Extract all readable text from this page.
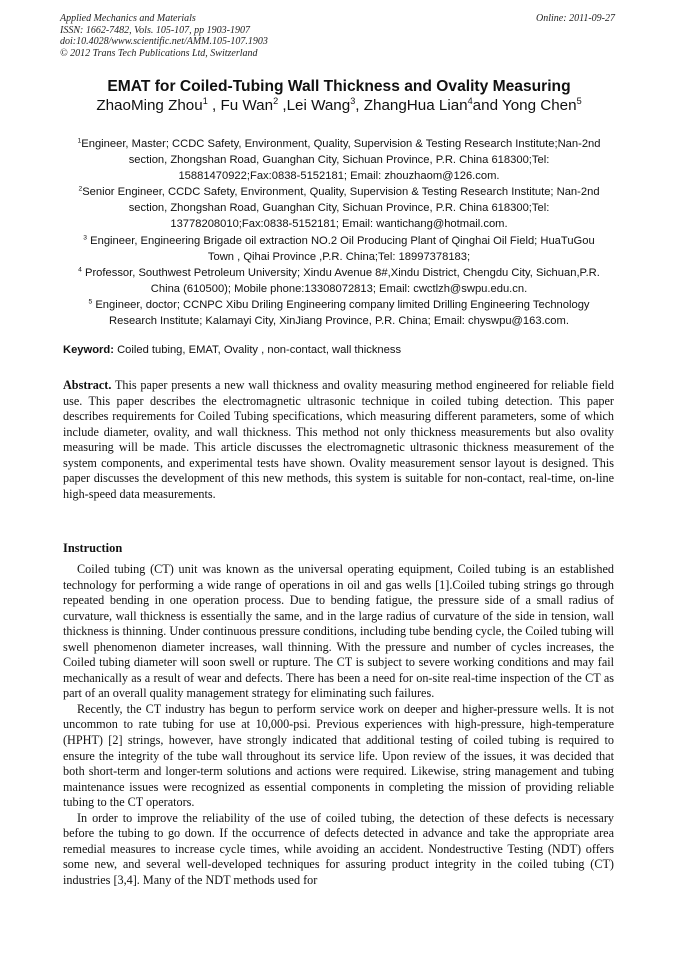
Applied Mechanics and Materials
ISSN: 1662-7482, Vols. 105-107, pp 1903-1907
doi:10.4028/www.scientific.net/AMM.105-107.1903
© 2012 Trans Tech Publications Ltd, Switzerland
Online: 2011-09-27
EMAT for Coiled-Tubing Wall Thickness and Ovality Measuring
ZhaoMing Zhou$^1$ , Fu Wan$^2$ ,Lei Wang$^3$, ZhangHua Lian$^4$and Yong Chen$^5$

$^1$Engineer, Master; CCDC Safety, Environment, Quality, Supervision & Testing Research Institute;Nan-2nd section, Zhongshan Road, Guanghan City, Sichuan Province, P.R. China 618300;Tel: 15881470922;Fax:0838-5152181; Email: zhouzhaom@126.com.

$^2$Senior Engineer, CCDC Safety, Environment, Quality, Supervision & Testing Research Institute; Nan-2nd section, Zhongshan Road, Guanghan City, Sichuan Province, P.R. China 618300;Tel: 13778208010;Fax:0838-5152181; Email: wantichang@hotmail.com.

$^3$ Engineer, Engineering Brigade oil extraction NO.2 Oil Producing Plant of Qinghai Oil Field; HuaTuGou Town , Qihai Province ,P.R. China;Tel: 18997378183;

$^4$ Professor, Southwest Petroleum University; Xindu Avenue 8#,Xindu District, Chengdu City, Sichuan,P.R. China (610500); Mobile phone:13308072813; Email: cwctlzh@swpu.edu.cn.

$^5$ Engineer, doctor; CCNPC Xibu Driling Engineering company limited Drilling Engineering Technology Research Institute; Kalamayi City, XinJiang Province, P.R. China; Email: chyswpu@163.com.

Keyword: Coiled tubing, EMAT, Ovality , non-contact, wall thickness
Abstract. This paper presents a new wall thickness and ovality measuring method engineered for reliable field use. This paper describes the electromagnetic ultrasonic technique in coiled tubing detection. This paper describes requirements for Coiled Tubing specifications, which measuring different parameters, some of which include diameter, ovality, and wall thickness. This method not only thickness measurements but also ovality measuring will be made. This article discusses the electromagnetic ultrasonic thickness measurement of the system components, and experimental tests have shown. Ovality measurement sensor layout is designed. This paper discusses the development of this new methods, this system is suitable for non-contact, real-time, on-line high-speed data measurements.
Instruction

Coiled tubing (CT) unit was known as the universal operating equipment, Coiled tubing is an established technology for performing a wide range of operations in oil and gas wells [1].Coiled tubing strings go through repeated bending in one operation process. Due to bending fatigue, the pressure side of a small radius of curvature, wall thickness is essentially the same, and in the large radius of curvature of the side in tension, wall thickness is thinning. Under continuous pressure conditions, including tube bending cycle, the Coiled tubing will swell phenomenon diameter increases, wall thinning. With the pressure and number of cycles increases, the Coiled tubing diameter will soon swell or rupture. The CT is subject to severe working conditions and may fail mechanically as a result of wear and defects. There has been a need for on-site real-time inspection of the CT as part of an overall quality management strategy for eliminating such failures.

Recently, the CT industry has begun to perform service work on deeper and higher-pressure wells. It is not uncommon to rate tubing for use at 10,000-psi. Previous experiences with high-pressure, high-temperature (HPHT) [2] strings, however, have strongly indicated that additional testing of coiled tubing is required to ensure the integrity of the tube wall throughout its service life. Upon review of the issues, it was decided that both short-term and longer-term solutions and actions were required. Likewise, string management and tubing maintenance issues were recognized as essential components in completing the mission of providing reliable tubing to the CT operators.

In order to improve the reliability of the use of coiled tubing, the detection of these defects is necessary before the tubing to go down. If the occurrence of defects detected in advance and take the appropriate area remedial measures to increase cycle times, while avoiding an accident. Nondestructive Testing (NDT) offers some new, and several well-developed techniques for assuring product integrity in the coiled tubing (CT) industries [3,4]. Many of the NDT methods used for
